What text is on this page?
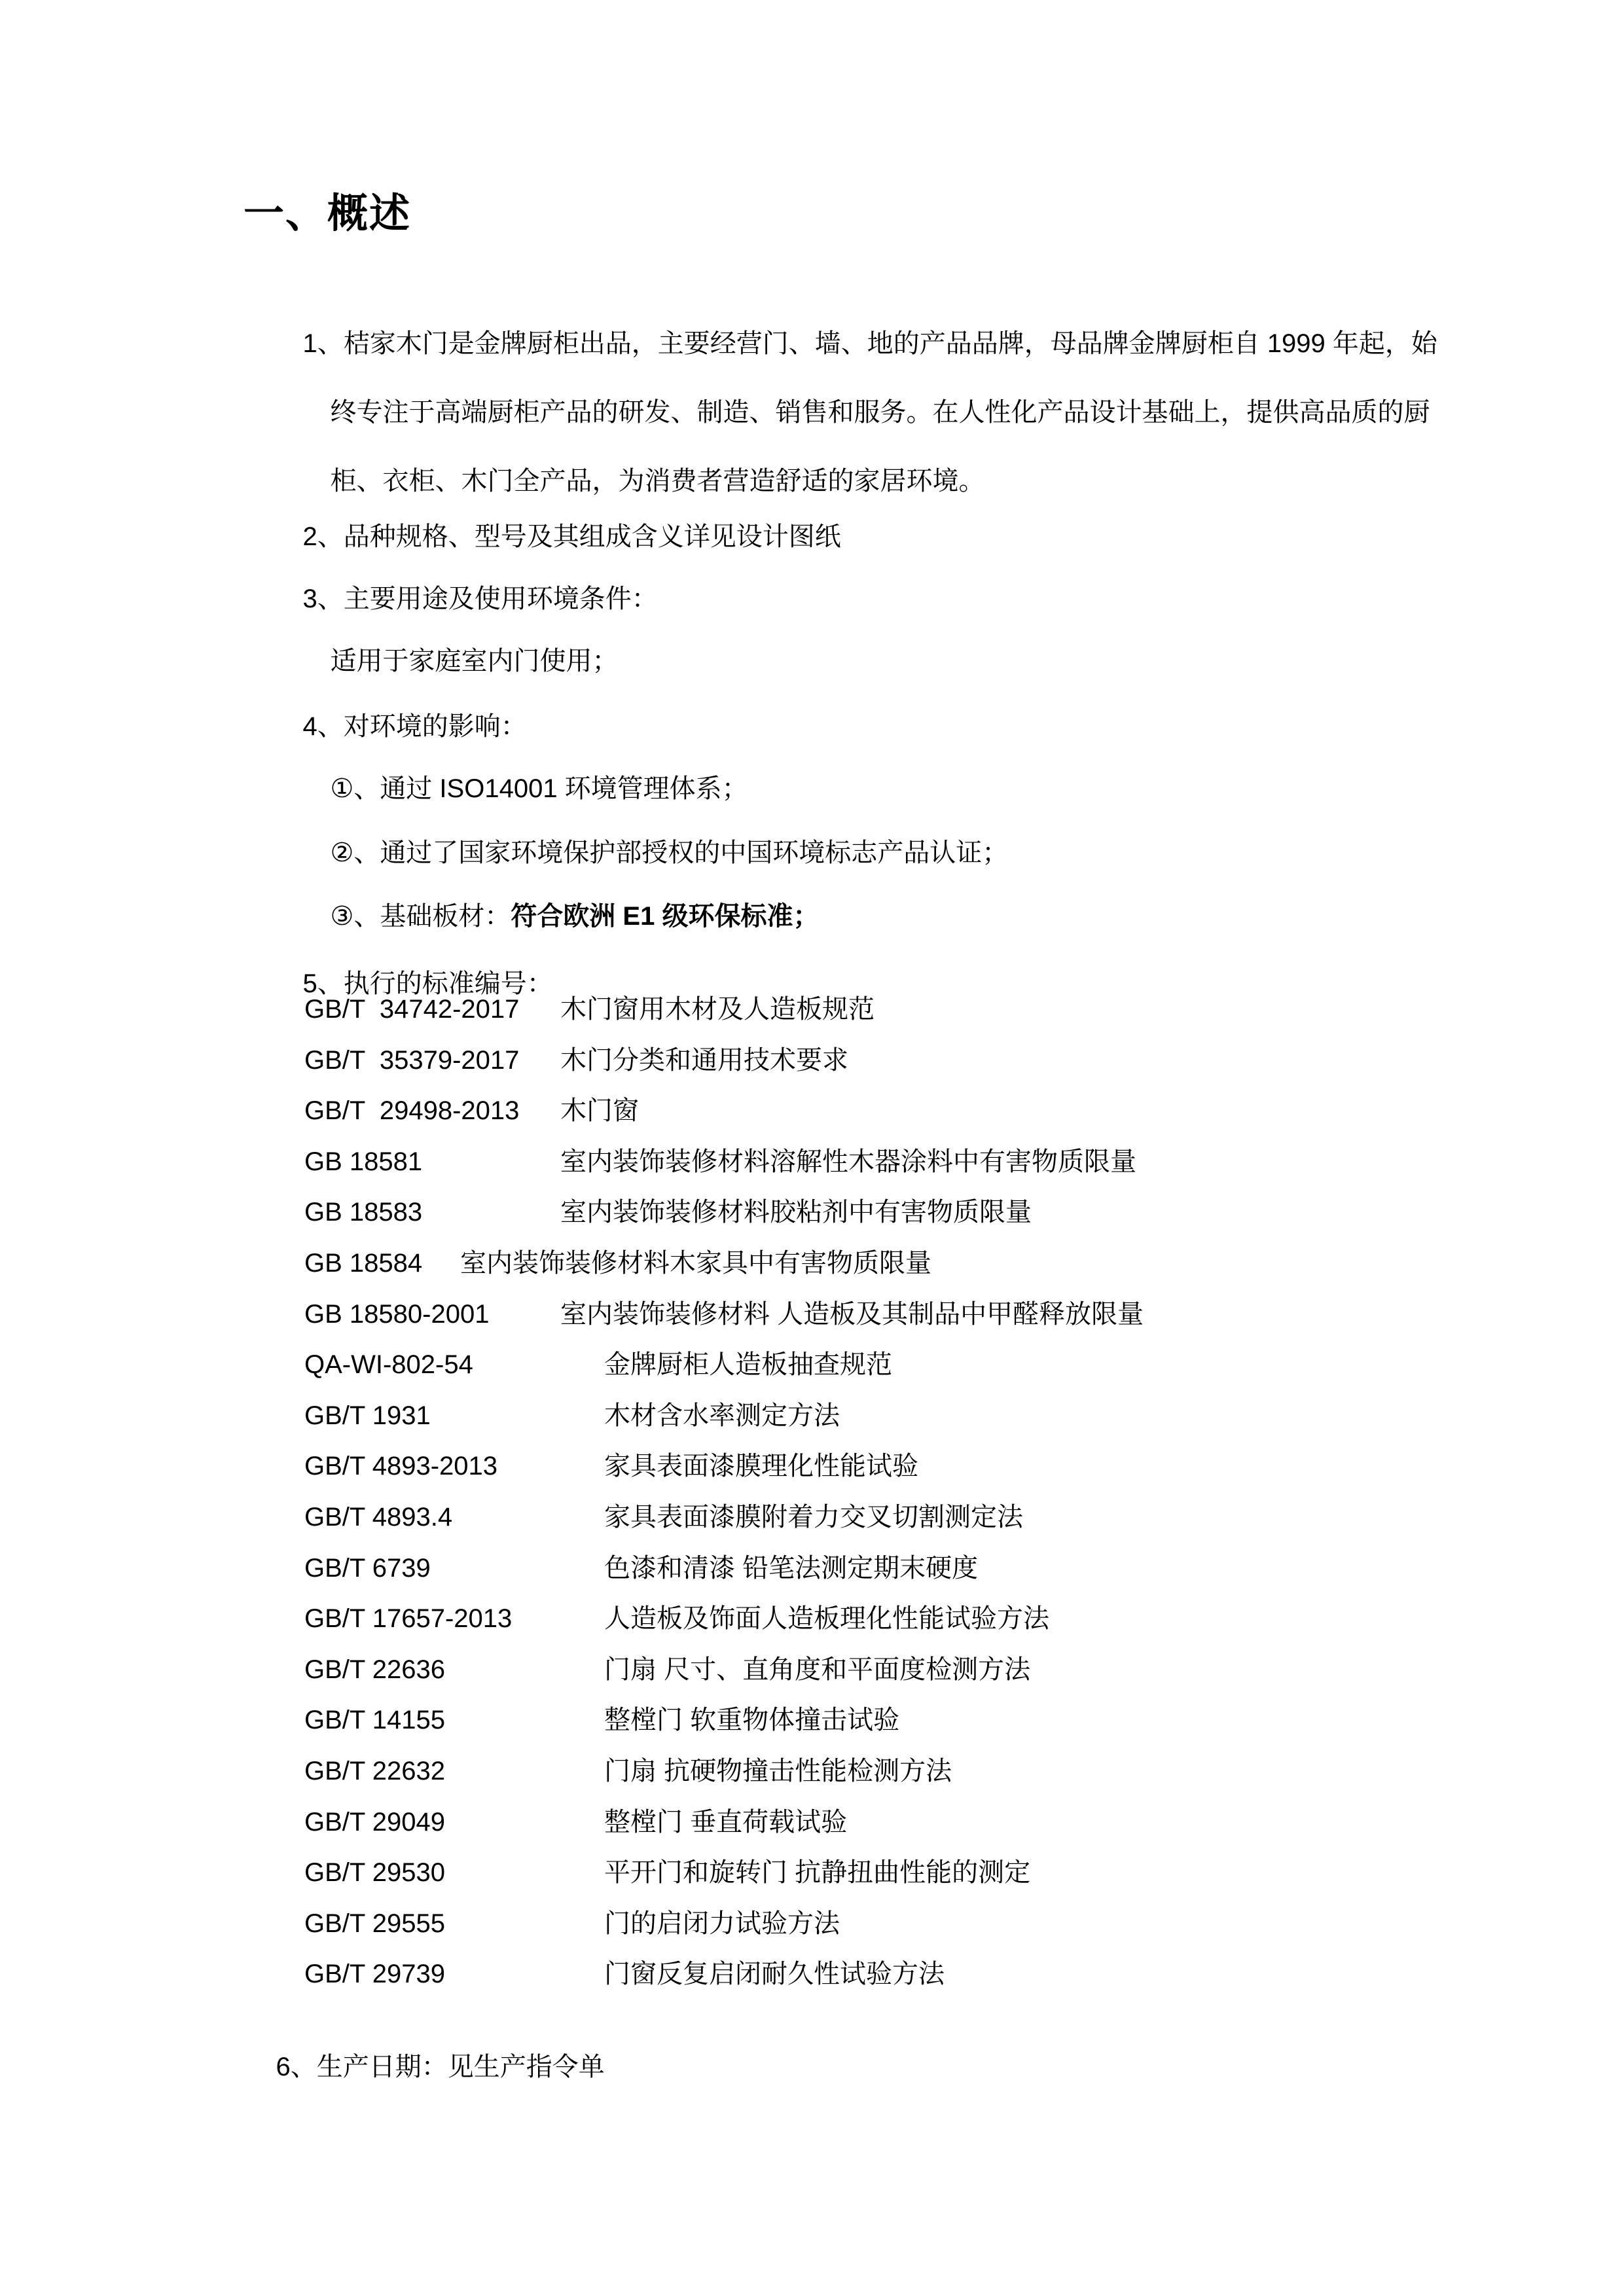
一、概述

1、桔家木门是金牌厨柜出品，主要经营门、墙、地的产品品牌，母品牌金牌厨柜自 1999 年起，始

终专注于高端厨柜产品的研发、制造、销售和服务。在人性化产品设计基础上，提供高品质的厨

柜、衣柜、木门全产品，为消费者营造舒适的家居环境。

2、品种规格、型号及其组成含义详见设计图纸

3、主要用途及使用环境条件：

适用于家庭室内门使用；

4、对环境的影响：

①、通过 ISO14001 环境管理体系；

②、通过了国家环境保护部授权的中国环境标志产品认证；

③、基础板材：符合欧洲 E1 级环保标准；

5、执行的标准编号：

GB/T  34742-2017 木门窗用木材及人造板规范
GB/T  35379-2017 木门分类和通用技术要求
GB/T  29498-2013 木门窗
GB 18581	室内装饰装修材料溶解性木器涂料中有害物质限量
GB 18583	室内装饰装修材料胶粘剂中有害物质限量
GB 18584 室内装饰装修材料木家具中有害物质限量
GB 18580-2001	室内装饰装修材料 人造板及其制品中甲醛释放限量
QA-WI-802-54	金牌厨柜人造板抽查规范
GB/T 1931	木材含水率测定方法
GB/T 4893-2013	家具表面漆膜理化性能试验
GB/T 4893.4	家具表面漆膜附着力交叉切割测定法
GB/T 6739	色漆和清漆 铅笔法测定期末硬度
GB/T 17657-2013	人造板及饰面人造板理化性能试验方法
GB/T 22636	门扇 尺寸、直角度和平面度检测方法
GB/T 14155	整樘门 软重物体撞击试验
GB/T 22632	门扇 抗硬物撞击性能检测方法
GB/T 29049	整樘门 垂直荷载试验
GB/T 29530	平开门和旋转门 抗静扭曲性能的测定
GB/T 29555	门的启闭力试验方法
GB/T 29739	门窗反复启闭耐久性试验方法

6、生产日期：见生产指令单
